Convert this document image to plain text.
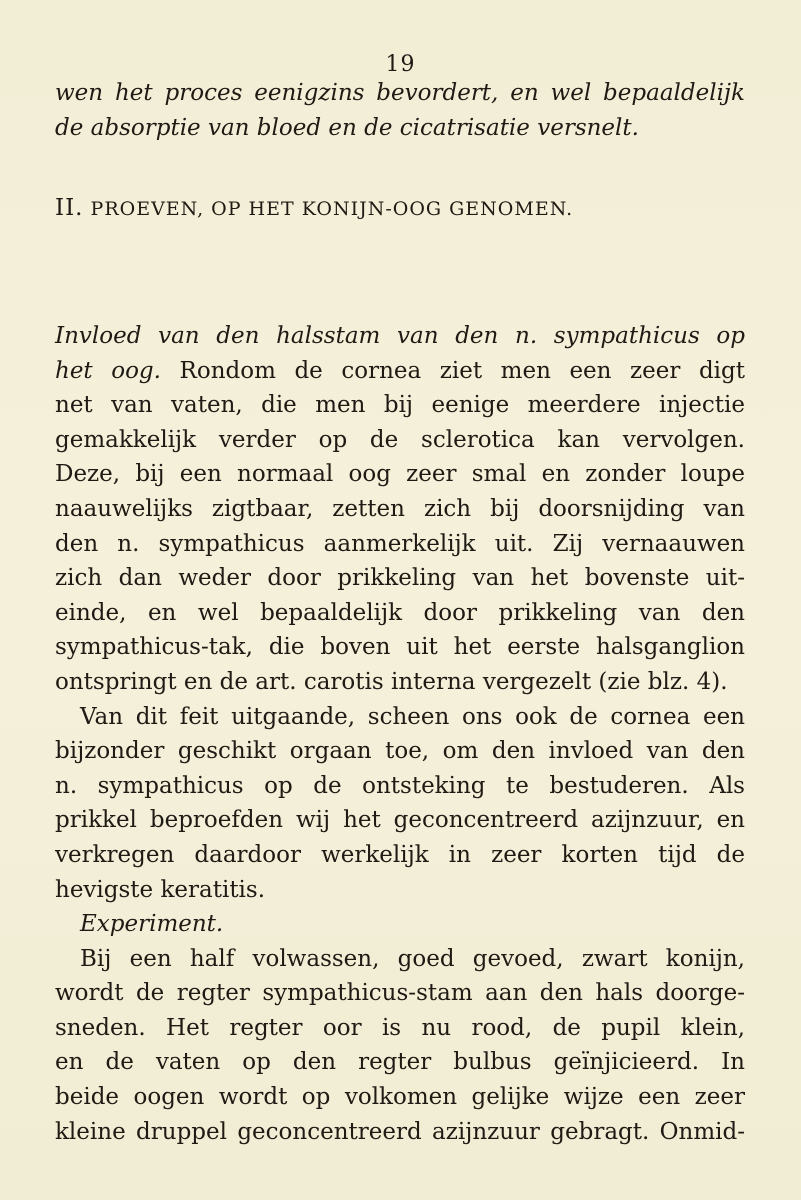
19
wen het proces eenigzins bevordert, en wel bepaaldelijk
de absorptie van bloed en de cicatrisatie versnelt.
II. PROEVEN, OP HET KONIJN-OOG GENOMEN.
Invloed van den halsstam van den n. sympathicus op
het oog. Rondom de cornea ziet men een zeer digt
net van vaten, die men bij eenige meerdere injectie
gemakkelijk verder op de sclerotica kan vervolgen.
Deze, bij een normaal oog zeer smal en zonder loupe
naauwelijks zigtbaar, zetten zich bij doorsnijding van
den n. sympathicus aanmerkelijk uit. Zij vernaauwen
zich dan weder door prikkeling van het bovenste uit-
einde, en wel bepaaldelijk door prikkeling van den
sympathicus-tak, die boven uit het eerste halsganglion
ontspringt en de art. carotis interna vergezelt (zie blz. 4).
Van dit feit uitgaande, scheen ons ook de cornea een
bijzonder geschikt orgaan toe, om den invloed van den
n. sympathicus op de ontsteking te bestuderen. Als
prikkel beproefden wij het geconcentreerd azijnzuur, en
verkregen daardoor werkelijk in zeer korten tijd de
hevigste keratitis.
Experiment.
Bij een half volwassen, goed gevoed, zwart konijn,
wordt de regter sympathicus-stam aan den hals doorge-
sneden. Het regter oor is nu rood, de pupil klein,
en de vaten op den regter bulbus geïnjicieerd. In
beide oogen wordt op volkomen gelijke wijze een zeer
kleine druppel geconcentreerd azijnzuur gebragt. Onmid-
